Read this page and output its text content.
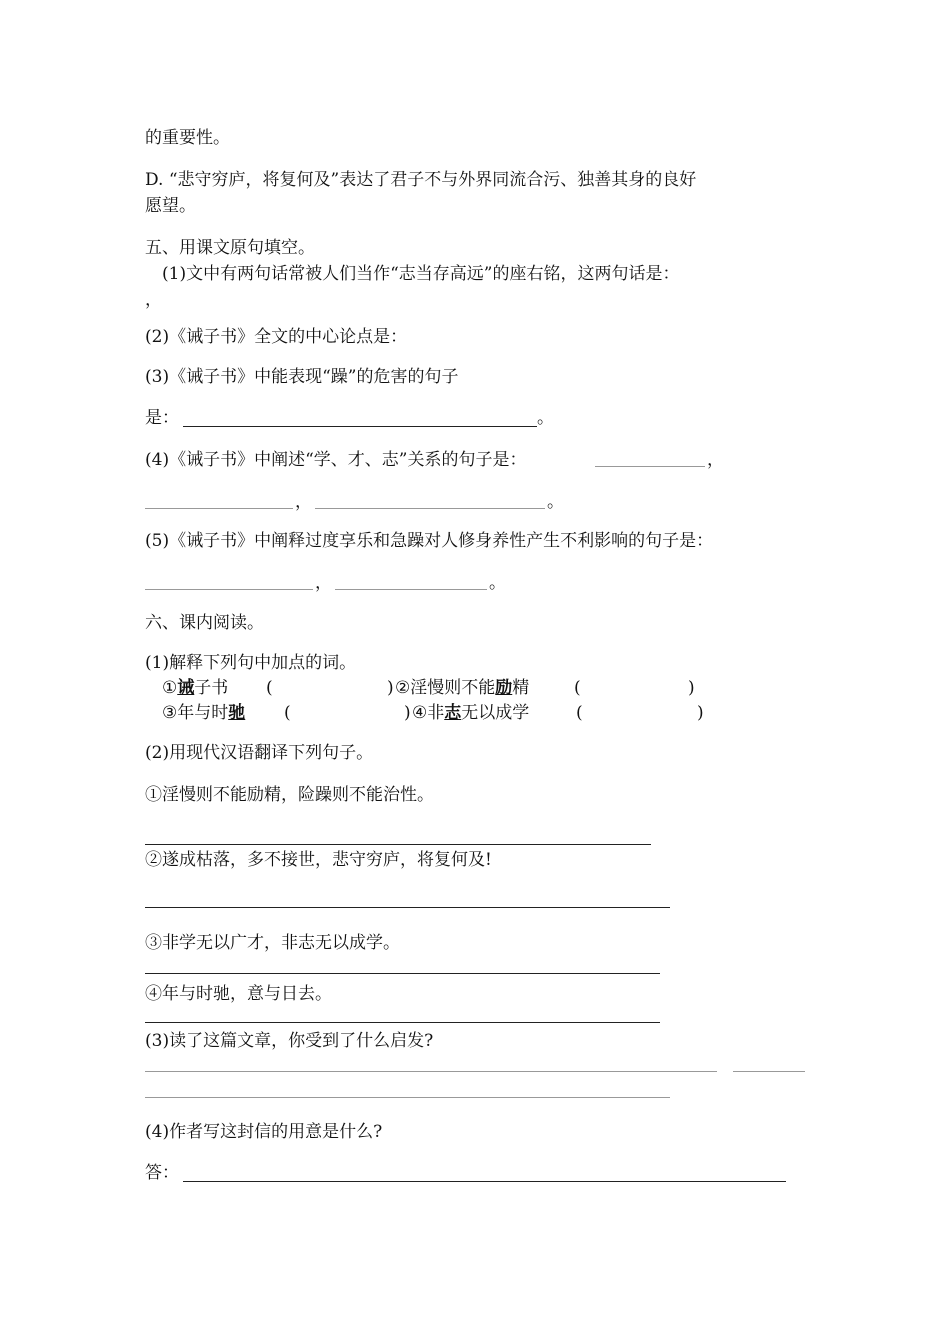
的重要性。
D. “悲守穷庐，将复何及”表达了君子不与外界同流合污、独善其身的良好
愿望。
五、用课文原句填空。
(1)文中有两句话常被人们当作“志当存高远”的座右铭，这两句话是：
，
(2)《诫子书》全文的中心论点是：
(3)《诫子书》中能表现“躁”的危害的句子
是：	。
(4)《诫子书》中阐述“学、才、志”关系的句子是：	，
，	。
(5)《诫子书》中阐释过度享乐和急躁对人修身养性产生不利影响的句子是：
，	。
六、课内阅读。
(1)解释下列句中加点的词。
①诫子书 (	) ②淫慢则不能励精	(	)
③年与时驰 (	) ④非志无以成学	(	)
(2)用现代汉语翻译下列句子。
①淫慢则不能励精，险躁则不能治性。
②遂成枯落，多不接世，悲守穷庐，将复何及!
③非学无以广才，非志无以成学。
④年与时驰，意与日去。
(3)读了这篇文章，你受到了什么启发?
(4)作者写这封信的用意是什么?
答：
